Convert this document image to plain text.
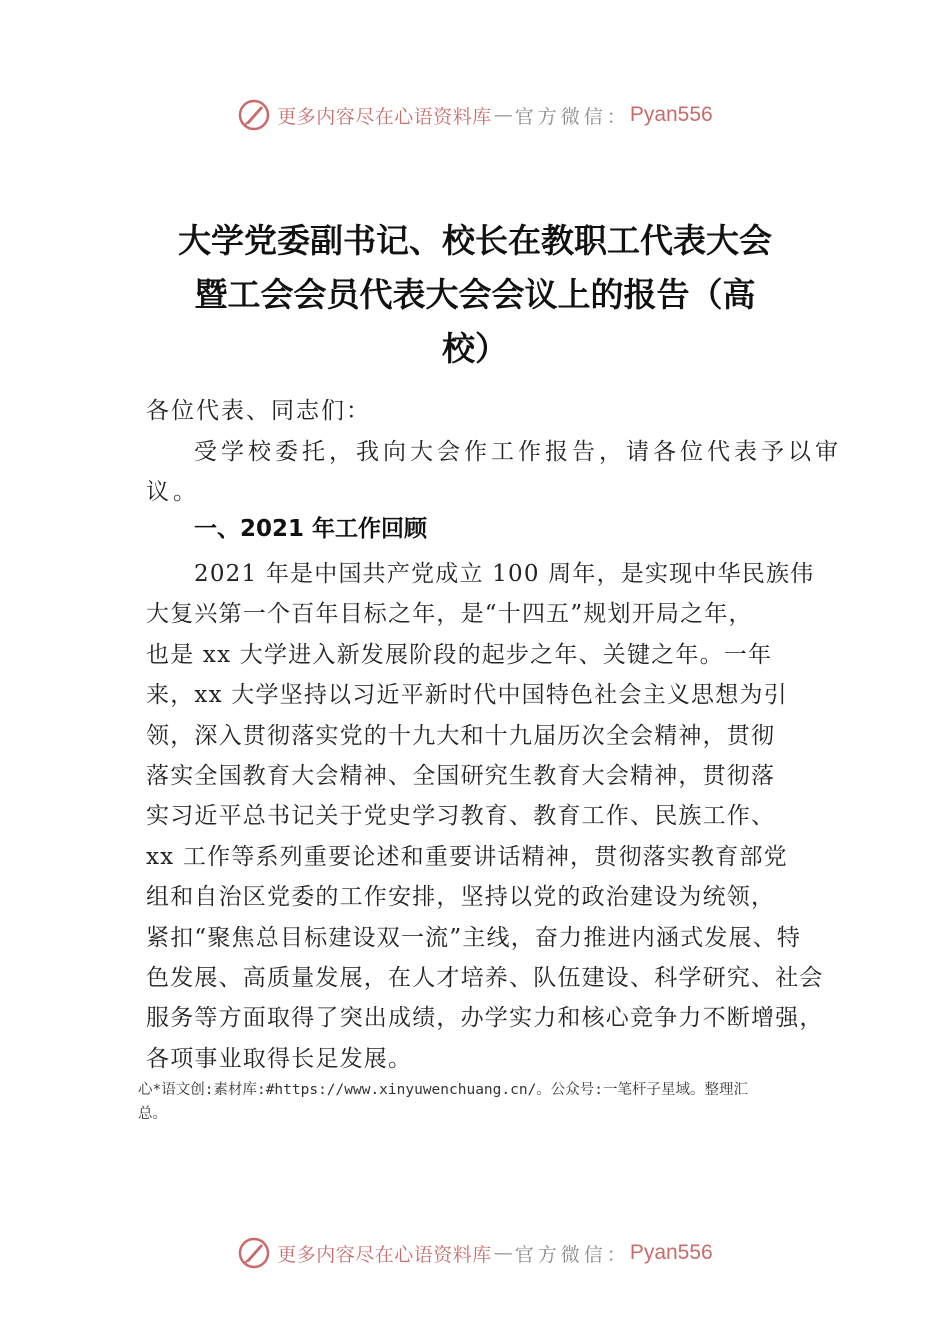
更多内容尽在心语资料库 — 官方微信： Pyan556
大学党委副书记、校长在教职工代表大会
暨工会会员代表大会会议上的报告（高
校）
各位代表、同志们：
受学校委托，我向大会作工作报告，请各位代表予以审
议。
一、2021 年工作回顾
2021 年是中国共产党成立 100 周年，是实现中华民族伟
大复兴第一个百年目标之年，是“十四五”规划开局之年，
也是 xx 大学进入新发展阶段的起步之年、关键之年。一年
来，xx 大学坚持以习近平新时代中国特色社会主义思想为引
领，深入贯彻落实党的十九大和十九届历次全会精神，贯彻
落实全国教育大会精神、全国研究生教育大会精神，贯彻落
实习近平总书记关于党史学习教育、教育工作、民族工作、
xx 工作等系列重要论述和重要讲话精神，贯彻落实教育部党
组和自治区党委的工作安排，坚持以党的政治建设为统领，
紧扣“聚焦总目标建设双一流”主线，奋力推进内涵式发展、特
色发展、高质量发展，在人才培养、队伍建设、科学研究、社会
服务等方面取得了突出成绩，办学实力和核心竞争力不断增强，
各项事业取得长足发展。
心*语文创:素材库:#https://www.xinyuwenchuang.cn/。公众号:一笔杆子星域。整理汇
总。
更多内容尽在心语资料库 — 官方微信： Pyan556
